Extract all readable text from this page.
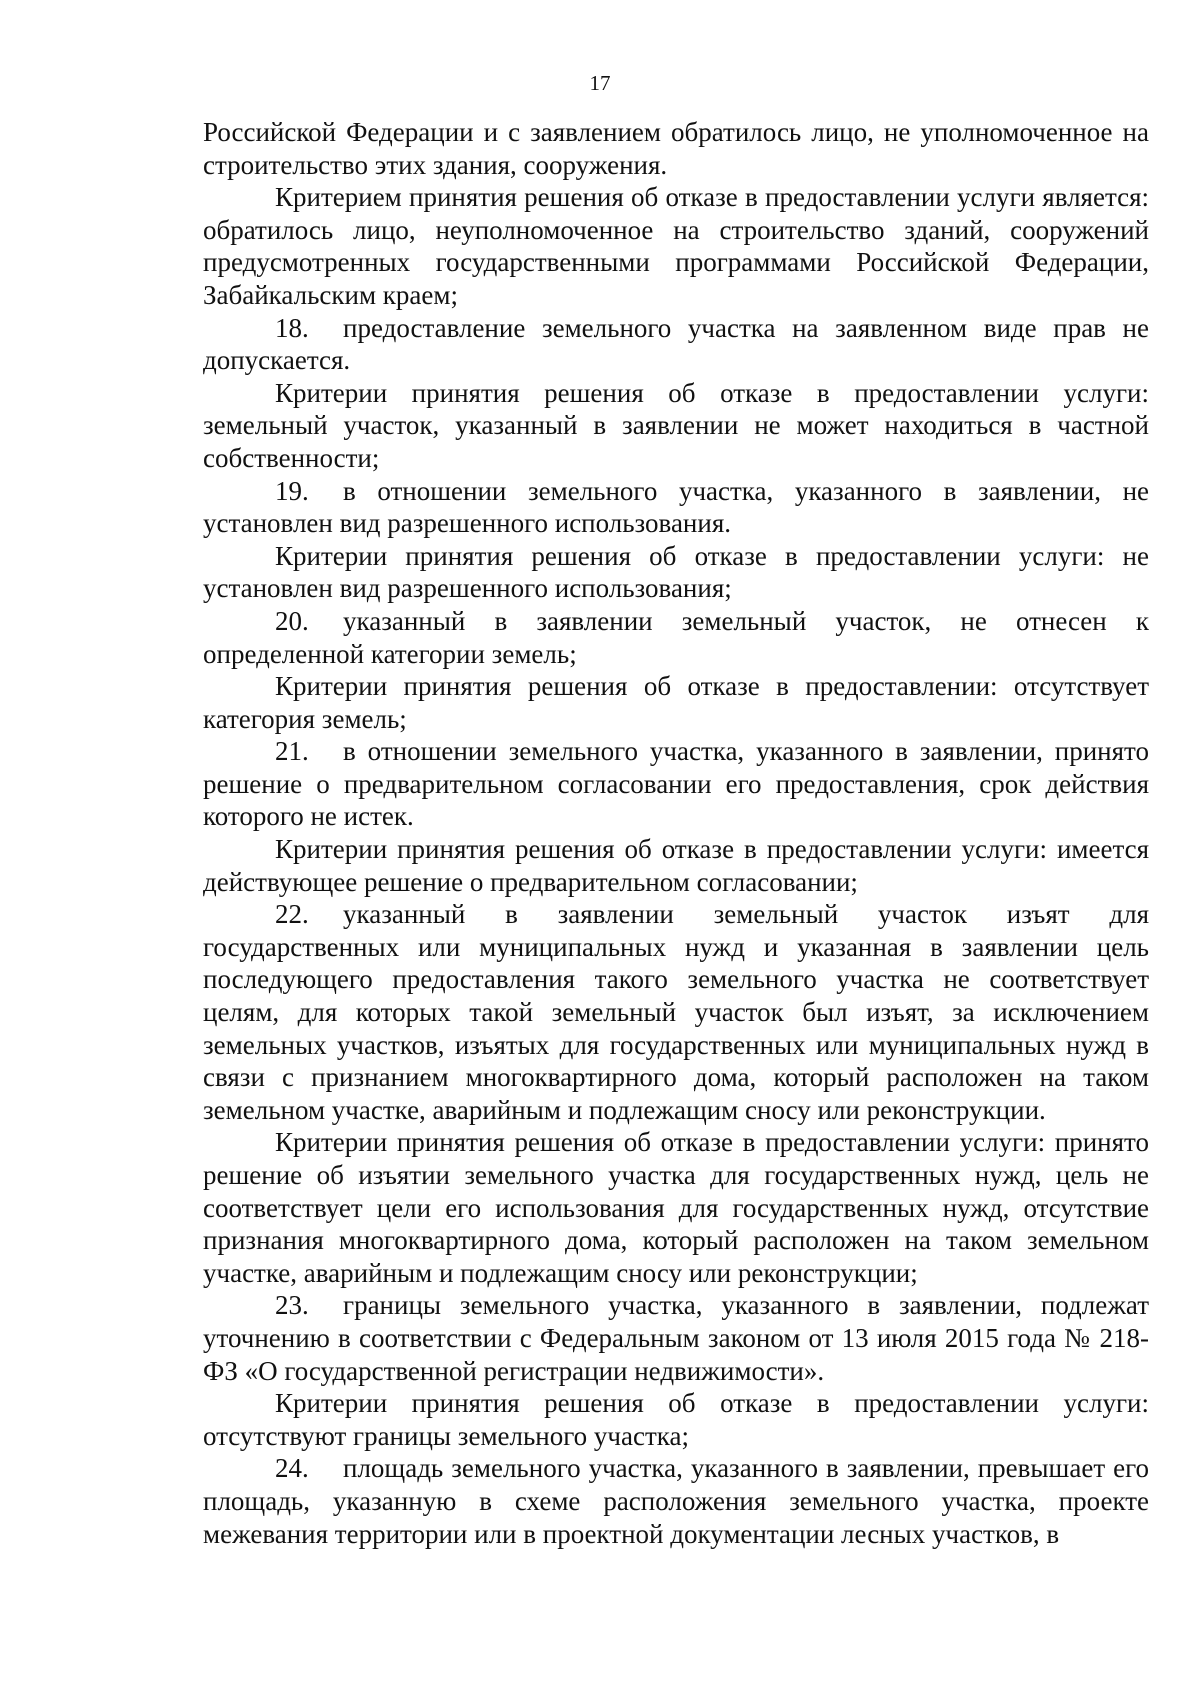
17

Российской Федерации и с заявлением обратилось лицо, не уполномоченное на строительство этих здания, сооружения.

Критерием принятия решения об отказе в предоставлении услуги является: обратилось лицо, неуполномоченное на строительство зданий, сооружений предусмотренных государственными программами Российской Федерации, Забайкальским краем;

18. предоставление земельного участка на заявленном виде прав не допускается.

Критерии принятия решения об отказе в предоставлении услуги: земельный участок, указанный в заявлении не может находиться в частной собственности;

19. в отношении земельного участка, указанного в заявлении, не установлен вид разрешенного использования.

Критерии принятия решения об отказе в предоставлении услуги: не установлен вид разрешенного использования;

20. указанный в заявлении земельный участок, не отнесен к определенной категории земель;

Критерии принятия решения об отказе в предоставлении: отсутствует категория земель;

21. в отношении земельного участка, указанного в заявлении, принято решение о предварительном согласовании его предоставления, срок действия которого не истек.

Критерии принятия решения об отказе в предоставлении услуги: имеется действующее решение о предварительном согласовании;

22. указанный в заявлении земельный участок изъят для государственных или муниципальных нужд и указанная в заявлении цель последующего предоставления такого земельного участка не соответствует целям, для которых такой земельный участок был изъят, за исключением земельных участков, изъятых для государственных или муниципальных нужд в связи с признанием многоквартирного дома, который расположен на таком земельном участке, аварийным и подлежащим сносу или реконструкции.

Критерии принятия решения об отказе в предоставлении услуги: принято решение об изъятии земельного участка для государственных нужд, цель не соответствует цели его использования для государственных нужд, отсутствие признания многоквартирного дома, который расположен на таком земельном участке, аварийным и подлежащим сносу или реконструкции;

23. границы земельного участка, указанного в заявлении, подлежат уточнению в соответствии с Федеральным законом от 13 июля 2015 года № 218-ФЗ «О государственной регистрации недвижимости».

Критерии принятия решения об отказе в предоставлении услуги: отсутствуют границы земельного участка;

24. площадь земельного участка, указанного в заявлении, превышает его площадь, указанную в схеме расположения земельного участка, проекте межевания территории или в проектной документации лесных участков, в
